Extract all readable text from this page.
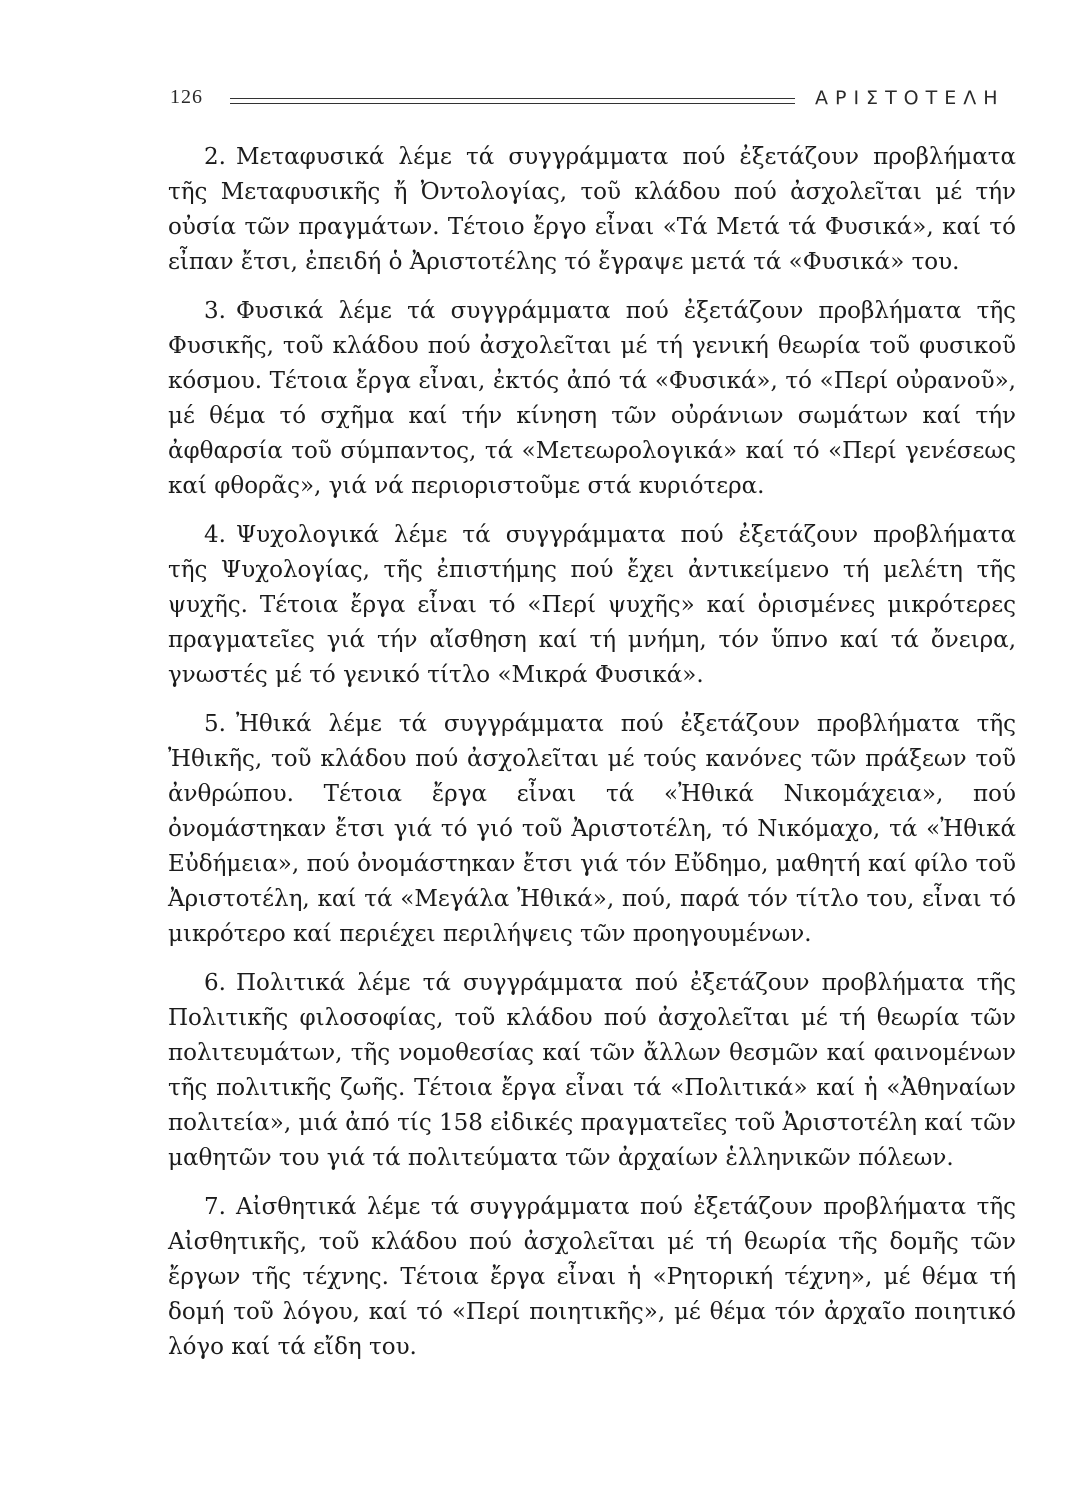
126	ΑΡΙΣΤΟΤΕΛΗ

2. Μεταφυσικά λέμε τά συγγράμματα πού ἐξετάζουν προβλήματα τῆς Μεταφυσικῆς ἤ Ὀντολογίας, τοῦ κλάδου πού ἀσχολεῖται μέ τήν οὐσία τῶν πραγμάτων. Τέτοιο ἔργο εἶναι «Τά Μετά τά Φυσικά», καί τό εἶπαν ἔτσι, ἐπειδή ὁ Ἀριστοτέλης τό ἔγραψε μετά τά «Φυσικά» του.

3. Φυσικά λέμε τά συγγράμματα πού ἐξετάζουν προβλήματα τῆς Φυσικῆς, τοῦ κλάδου πού ἀσχολεῖται μέ τή γενική θεωρία τοῦ φυσικοῦ κόσμου. Τέτοια ἔργα εἶναι, ἐκτός ἀπό τά «Φυσικά», τό «Περί οὐρανοῦ», μέ θέμα τό σχῆμα καί τήν κίνηση τῶν οὐράνιων σωμάτων καί τήν ἀφθαρσία τοῦ σύμπαντος, τά «Μετεωρολογικά» καί τό «Περί γενέσεως καί φθορᾶς», γιά νά περιοριστοῦμε στά κυριότερα.

4. Ψυχολογικά λέμε τά συγγράμματα πού ἐξετάζουν προβλήματα τῆς Ψυχολογίας, τῆς ἐπιστήμης πού ἔχει ἀντικείμενο τή μελέτη τῆς ψυχῆς. Τέτοια ἔργα εἶναι τό «Περί ψυχῆς» καί ὁρισμένες μικρότερες πραγματεῖες γιά τήν αἴσθηση καί τή μνήμη, τόν ὕπνο καί τά ὄνειρα, γνωστές μέ τό γενικό τίτλο «Μικρά Φυσικά».

5. Ἠθικά λέμε τά συγγράμματα πού ἐξετάζουν προβλήματα τῆς Ἠθικῆς, τοῦ κλάδου πού ἀσχολεῖται μέ τούς κανόνες τῶν πράξεων τοῦ ἀνθρώπου. Τέτοια ἔργα εἶναι τά «Ἠθικά Νικομάχεια», πού ὀνομάστηκαν ἔτσι γιά τό γιό τοῦ Ἀριστοτέλη, τό Νικόμαχο, τά «Ἠθικά Εὐδήμεια», πού ὀνομάστηκαν ἔτσι γιά τόν Εὔδημο, μαθητή καί φίλο τοῦ Ἀριστοτέλη, καί τά «Μεγάλα Ἠθικά», πού, παρά τόν τίτλο του, εἶναι τό μικρότερο καί περιέχει περιλήψεις τῶν προηγουμένων.

6. Πολιτικά λέμε τά συγγράμματα πού ἐξετάζουν προβλήματα τῆς Πολιτικῆς φιλοσοφίας, τοῦ κλάδου πού ἀσχολεῖται μέ τή θεωρία τῶν πολιτευμάτων, τῆς νομοθεσίας καί τῶν ἄλλων θεσμῶν καί φαινομένων τῆς πολιτικῆς ζωῆς. Τέτοια ἔργα εἶναι τά «Πολιτικά» καί ἡ «Ἀθηναίων πολιτεία», μιά ἀπό τίς 158 εἰδικές πραγματεῖες τοῦ Ἀριστοτέλη καί τῶν μαθητῶν του γιά τά πολιτεύματα τῶν ἀρχαίων ἑλληνικῶν πόλεων.

7. Αἰσθητικά λέμε τά συγγράμματα πού ἐξετάζουν προβλήματα τῆς Αἰσθητικῆς, τοῦ κλάδου πού ἀσχολεῖται μέ τή θεωρία τῆς δομῆς τῶν ἔργων τῆς τέχνης. Τέτοια ἔργα εἶναι ἡ «Ρητορική τέχνη», μέ θέμα τή δομή τοῦ λόγου, καί τό «Περί ποιητικῆς», μέ θέμα τόν ἀρχαῖο ποιητικό λόγο καί τά εἴδη του.
